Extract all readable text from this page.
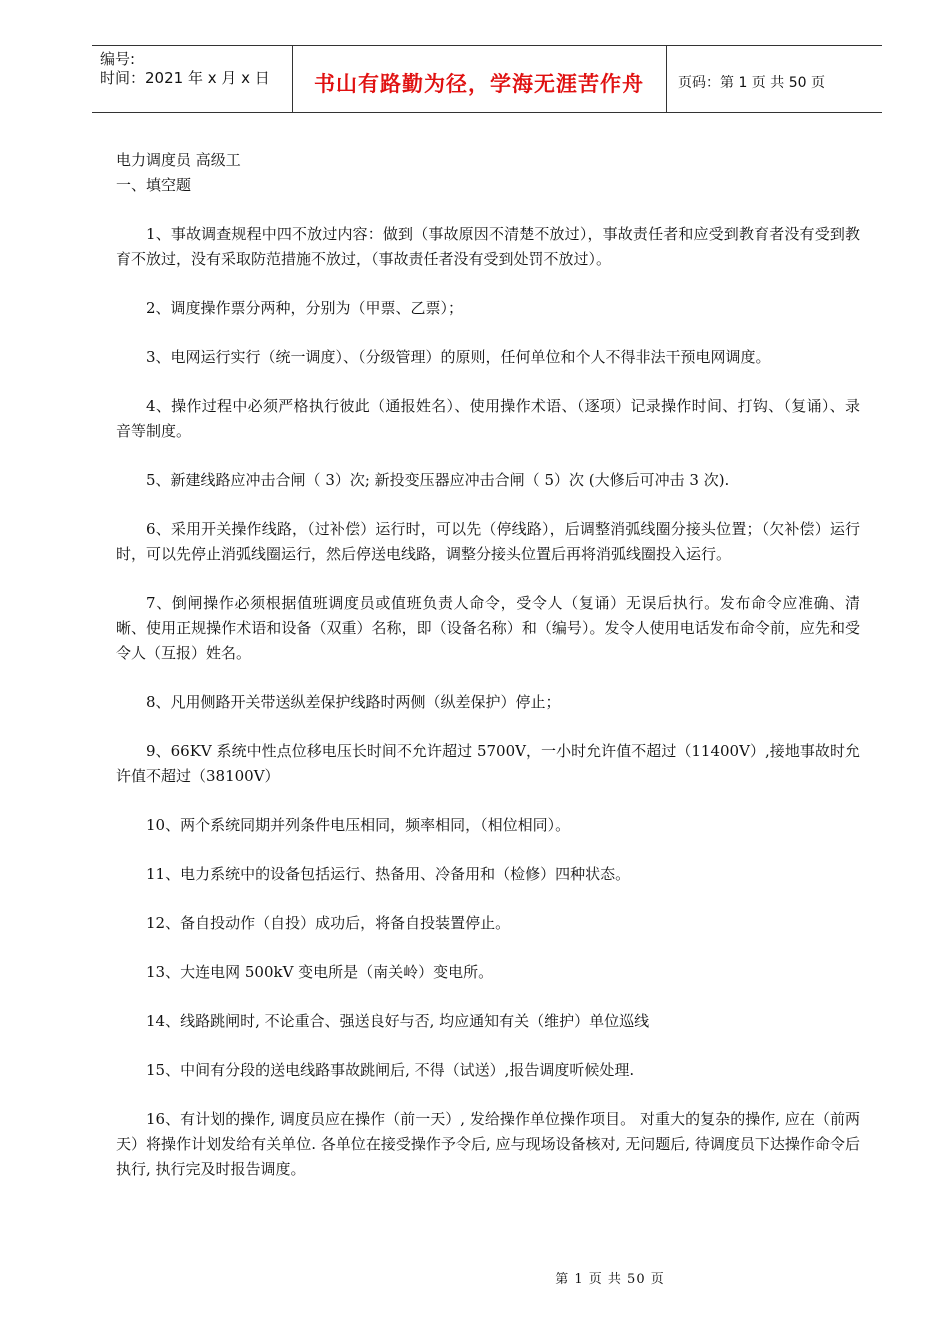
编号:
时间：2021 年 x 月 x 日	书山有路勤为径，学海无涯苦作舟	页码：第 1 页 共 50 页

电力调度员 高级工

一、填空题

1、事故调查规程中四不放过内容：做到（事故原因不清楚不放过），事故责任者和应受到教育者没有受到教育不放过，没有采取防范措施不放过，（事故责任者没有受到处罚不放过）。

2、调度操作票分两种，分别为（甲票、乙票）；

3、电网运行实行（统一调度）、（分级管理）的原则，任何单位和个人不得非法干预电网调度。

4、操作过程中必须严格执行彼此（通报姓名）、使用操作术语、（逐项）记录操作时间、打钩、（复诵）、录音等制度。

5、新建线路应冲击合闸（ 3）次; 新投变压器应冲击合闸（ 5）次 (大修后可冲击 3 次).

6、采用开关操作线路，（过补偿）运行时，可以先（停线路），后调整消弧线圈分接头位置；（欠补偿）运行时，可以先停止消弧线圈运行，然后停送电线路，调整分接头位置后再将消弧线圈投入运行。

7、倒闸操作必须根据值班调度员或值班负责人命令，受令人（复诵）无误后执行。发布命令应准确、清晰、使用正规操作术语和设备（双重）名称，即（设备名称）和（编号）。发令人使用电话发布命令前，应先和受令人（互报）姓名。

8、凡用侧路开关带送纵差保护线路时两侧（纵差保护）停止；

9、66KV 系统中性点位移电压长时间不允许超过 5700V，一小时允许值不超过（11400V）,接地事故时允许值不超过（38100V）

10、两个系统同期并列条件电压相同，频率相同，（相位相同）。

11、电力系统中的设备包括运行、热备用、冷备用和（检修）四种状态。

12、备自投动作（自投）成功后，将备自投装置停止。

13、大连电网 500kV 变电所是（南关岭）变电所。

14、线路跳闸时, 不论重合、强送良好与否, 均应通知有关（维护）单位巡线

15、中间有分段的送电线路事故跳闸后, 不得（试送）,报告调度听候处理.

16、有计划的操作, 调度员应在操作（前一天）, 发给操作单位操作项目。 对重大的复杂的操作, 应在（前两天）将操作计划发给有关单位. 各单位在接受操作予令后, 应与现场设备核对, 无问题后, 待调度员下达操作命令后执行, 执行完及时报告调度。

第 1 页 共 50 页
